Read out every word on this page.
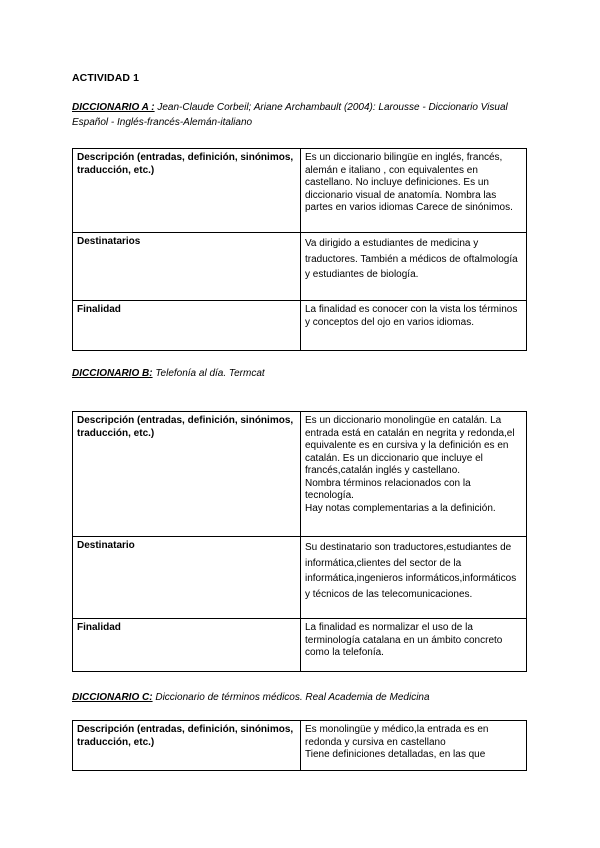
ACTIVIDAD 1
DICCIONARIO A : Jean-Claude Corbeil; Ariane Archambault (2004): Larousse - Diccionario Visual Español - Inglés-francés-Alemán-italiano
Descripción (entradas, definición, sinónimos, traducción, etc.)	Es un diccionario bilingüe en inglés, francés, alemán e italiano , con equivalentes en castellano. No incluye definiciones. Es un diccionario visual de anatomía. Nombra las partes en varios idiomas Carece de sinónimos.
Destinatarios	Va dirigido a estudiantes de medicina y traductores. También a médicos de oftalmología y estudiantes de biología.
Finalidad	La finalidad es conocer con la vista los términos y conceptos del ojo en varios idiomas.
DICCIONARIO B: Telefonía al día. Termcat
Descripción (entradas, definición, sinónimos, traducción, etc.)	Es un diccionario monolingüe en catalán. La entrada está en catalán en negrita y redonda,el equivalente es en cursiva y la definición es en catalán. Es un diccionario que incluye el francés,catalán inglés y castellano.
Nombra términos relacionados con la tecnología.
Hay notas complementarias a la definición.
Destinatario	Su destinatario son traductores,estudiantes de informática,clientes del sector de la informática,ingenieros informáticos,informáticos y técnicos de las telecomunicaciones.
Finalidad	La finalidad es normalizar el uso de la terminología catalana en un ámbito concreto como la telefonía.
DICCIONARIO C: Diccionario de términos médicos. Real Academia de Medicina
Descripción (entradas, definición, sinónimos, traducción, etc.)	Es monolingüe y médico,la entrada es en redonda y cursiva en castellano
Tiene definiciones detalladas, en las que
